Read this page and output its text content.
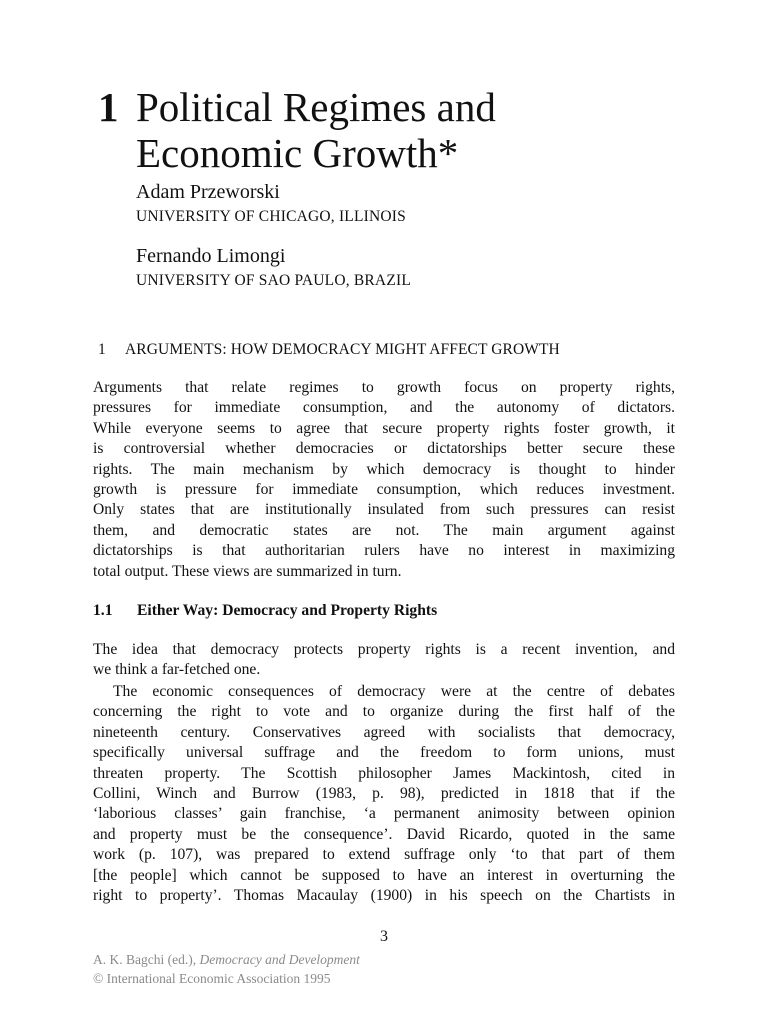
1 Political Regimes and
Economic Growth*
Adam Przeworski
UNIVERSITY OF CHICAGO, ILLINOIS
Fernando Limongi
UNIVERSITY OF SAO PAULO, BRAZIL
1 ARGUMENTS: HOW DEMOCRACY MIGHT AFFECT GROWTH
Arguments that relate regimes to growth focus on property rights,
pressures for immediate consumption, and the autonomy of dictators.
While everyone seems to agree that secure property rights foster growth, it
is controversial whether democracies or dictatorships better secure these
rights. The main mechanism by which democracy is thought to hinder
growth is pressure for immediate consumption, which reduces investment.
Only states that are institutionally insulated from such pressures can resist
them, and democratic states are not. The main argument against
dictatorships is that authoritarian rulers have no interest in maximizing
total output. These views are summarized in turn.
1.1 Either Way: Democracy and Property Rights
The idea that democracy protects property rights is a recent invention, and
we think a far-fetched one.
The economic consequences of democracy were at the centre of debates
concerning the right to vote and to organize during the first half of the
nineteenth century. Conservatives agreed with socialists that democracy,
specifically universal suffrage and the freedom to form unions, must
threaten property. The Scottish philosopher James Mackintosh, cited in
Collini, Winch and Burrow (1983, p. 98), predicted in 1818 that if the
‘laborious classes’ gain franchise, ‘a permanent animosity between opinion
and property must be the consequence’. David Ricardo, quoted in the same
work (p. 107), was prepared to extend suffrage only ‘to that part of them
[the people] which cannot be supposed to have an interest in overturning the
right to property’. Thomas Macaulay (1900) in his speech on the Chartists in
3
A. K. Bagchi (ed.), Democracy and Development
© International Economic Association 1995
